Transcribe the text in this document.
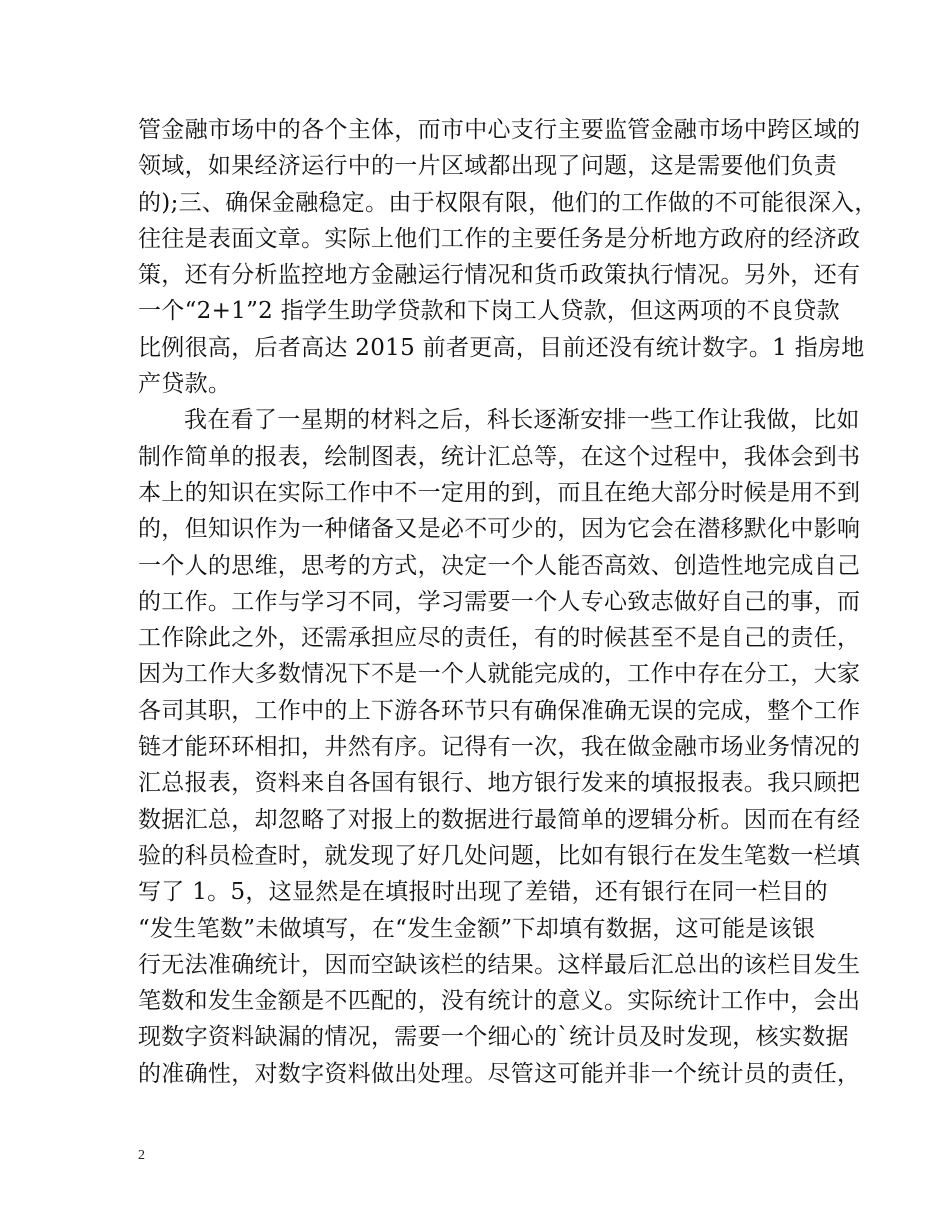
管金融市场中的各个主体，而市中心支行主要监管金融市场中跨区域的
领域，如果经济运行中的一片区域都出现了问题，这是需要他们负责
的);三、确保金融稳定。由于权限有限，他们的工作做的不可能很深入，
往往是表面文章。实际上他们工作的主要任务是分析地方政府的经济政
策，还有分析监控地方金融运行情况和货币政策执行情况。另外，还有
一个“2+1”2 指学生助学贷款和下岗工人贷款，但这两项的不良贷款
比例很高，后者高达 2015 前者更高，目前还没有统计数字。1 指房地
产贷款。
我在看了一星期的材料之后，科长逐渐安排一些工作让我做，比如
制作简单的报表，绘制图表，统计汇总等，在这个过程中，我体会到书
本上的知识在实际工作中不一定用的到，而且在绝大部分时候是用不到
的，但知识作为一种储备又是必不可少的，因为它会在潜移默化中影响
一个人的思维，思考的方式，决定一个人能否高效、创造性地完成自己
的工作。工作与学习不同，学习需要一个人专心致志做好自己的事，而
工作除此之外，还需承担应尽的责任，有的时候甚至不是自己的责任，
因为工作大多数情况下不是一个人就能完成的，工作中存在分工，大家
各司其职，工作中的上下游各环节只有确保准确无误的完成，整个工作
链才能环环相扣，井然有序。记得有一次，我在做金融市场业务情况的
汇总报表，资料来自各国有银行、地方银行发来的填报报表。我只顾把
数据汇总，却忽略了对报上的数据进行最简单的逻辑分析。因而在有经
验的科员检查时，就发现了好几处问题，比如有银行在发生笔数一栏填
写了 1。5，这显然是在填报时出现了差错，还有银行在同一栏目的
“发生笔数”未做填写，在“发生金额”下却填有数据，这可能是该银
行无法准确统计，因而空缺该栏的结果。这样最后汇总出的该栏目发生
笔数和发生金额是不匹配的，没有统计的意义。实际统计工作中，会出
现数字资料缺漏的情况，需要一个细心的`统计员及时发现，核实数据
的准确性，对数字资料做出处理。尽管这可能并非一个统计员的责任，
2
